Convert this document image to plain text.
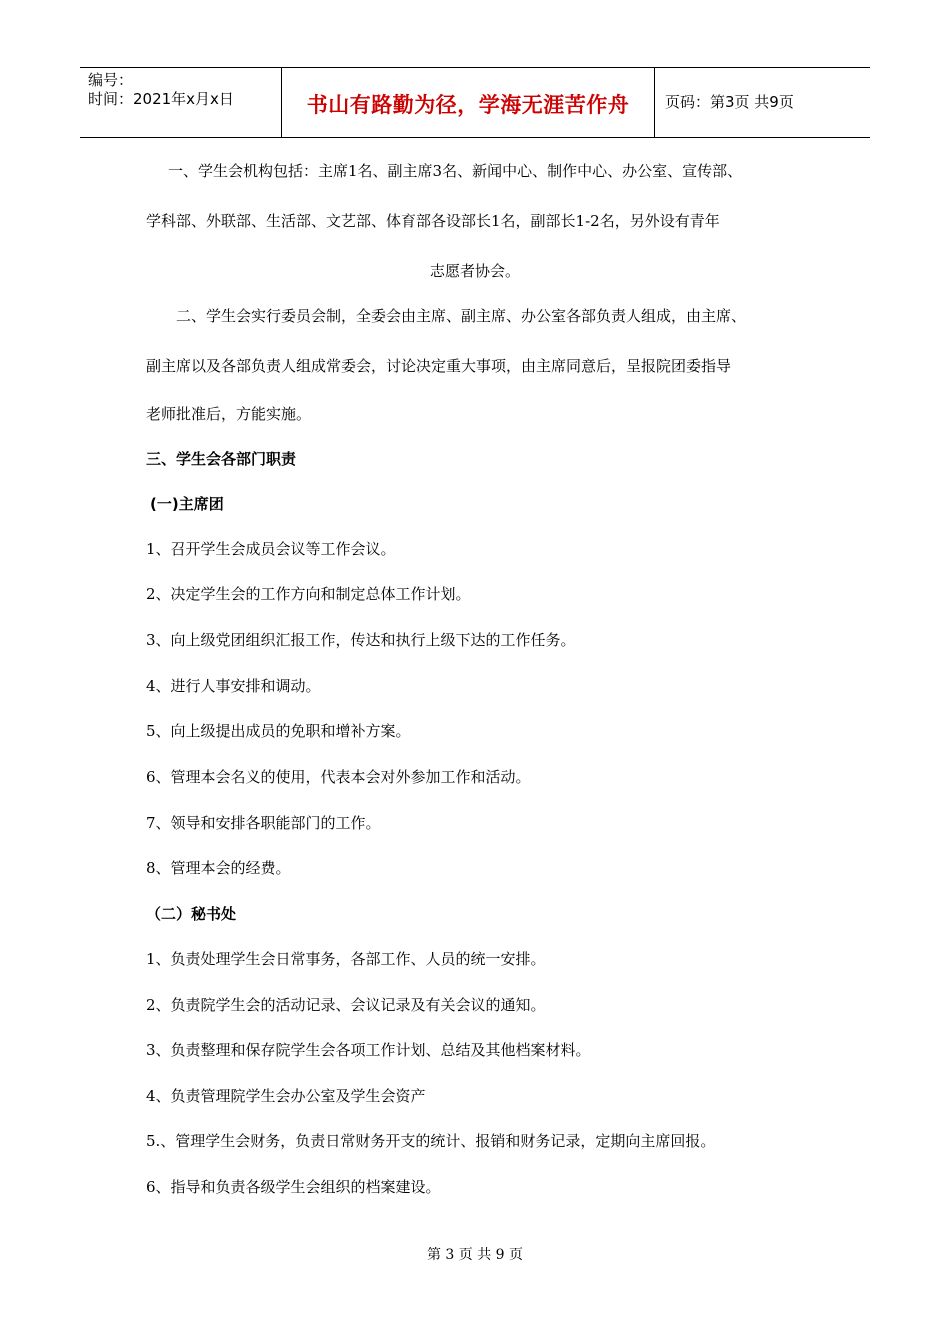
编号：
时间：2021年x月x日	书山有路勤为径，学海无涯苦作舟	页码：第3页 共9页
一、学生会机构包括：主席1名、副主席3名、新闻中心、制作中心、办公室、宣传部、
学科部、外联部、生活部、文艺部、体育部各设部长1名，副部长1-2名，另外设有青年
志愿者协会。
二、学生会实行委员会制，全委会由主席、副主席、办公室各部负责人组成，由主席、
副主席以及各部负责人组成常委会，讨论决定重大事项，由主席同意后，呈报院团委指导
老师批准后，方能实施。
三、学生会各部门职责
(一)主席团
1、召开学生会成员会议等工作会议。
2、决定学生会的工作方向和制定总体工作计划。
3、向上级党团组织汇报工作，传达和执行上级下达的工作任务。
4、进行人事安排和调动。
5、向上级提出成员的免职和增补方案。
6、管理本会名义的使用，代表本会对外参加工作和活动。
7、领导和安排各职能部门的工作。
8、管理本会的经费。
（二）秘书处
1、负责处理学生会日常事务，各部工作、人员的统一安排。
2、负责院学生会的活动记录、会议记录及有关会议的通知。
3、负责整理和保存院学生会各项工作计划、总结及其他档案材料。
4、负责管理院学生会办公室及学生会资产
5.、管理学生会财务，负责日常财务开支的统计、报销和财务记录，定期向主席回报。
6、指导和负责各级学生会组织的档案建设。
第 3 页 共 9 页
